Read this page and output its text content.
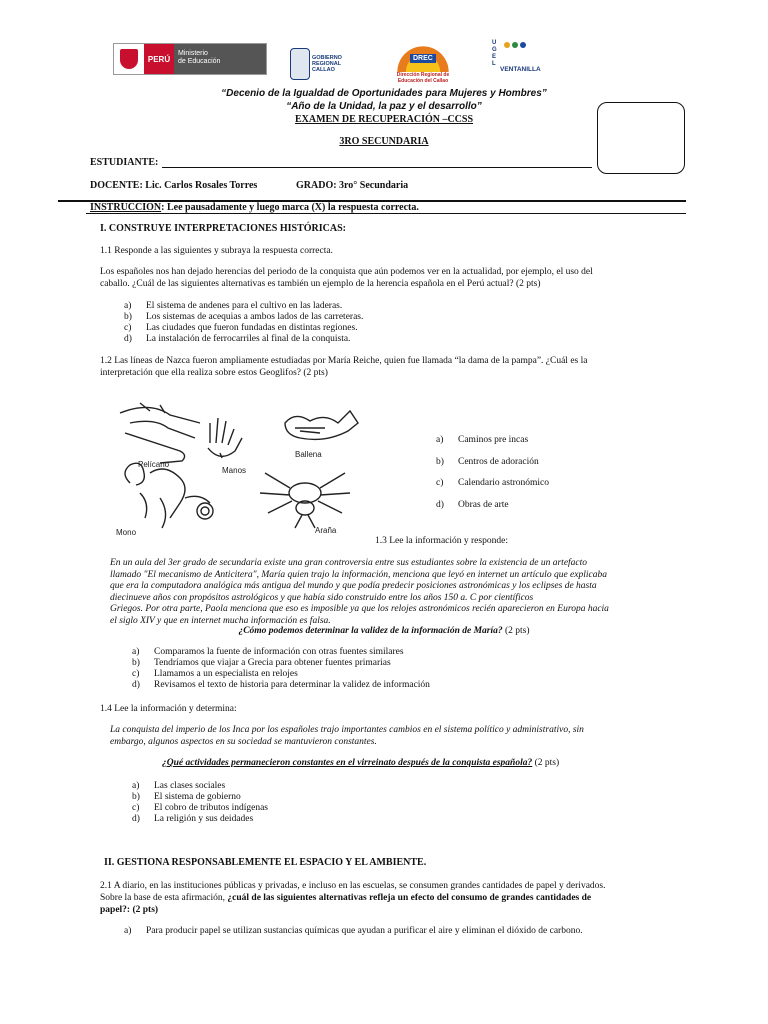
PERÚ
Ministerio
de Educación	GOBIERNO
REGIONAL
CALLAO
DREC
Dirección Regional de
Educación del Callao
UGEL
VENTANILLA
“Decenio de la Igualdad de Oportunidades para Mujeres y Hombres”
“Año de la Unidad, la paz y el desarrollo”
EXAMEN DE RECUPERACIÓN –CCSS
3RO SECUNDARIA
ESTUDIANTE:
DOCENTE: Lic. Carlos Rosales Torres	GRADO: 3ro° Secundaria
INSTRUCCION: Lee pausadamente y luego marca (X) la respuesta correcta.
I. CONSTRUYE INTERPRETACIONES HISTÓRICAS:
1.1 Responde a las siguientes y subraya la respuesta correcta.

Los españoles nos han dejado herencias del periodo de la conquista que aún podemos ver en la actualidad, por ejemplo, el uso del

caballo. ¿Cuál de las siguientes alternativas es también un ejemplo de la herencia española en el Perú actual? (2 pts)

a) El sistema de andenes para el cultivo en las laderas.
b) Los sistemas de acequias a ambos lados de las carreteras.
c) Las ciudades que fueron fundadas en distintas regiones.
d) La instalación de ferrocarriles al final de la conquista.

1.2 Las líneas de Nazca fueron ampliamente estudiadas por María Reiche, quien fue llamada “la dama de la pampa”. ¿Cuál es la

interpretación que ella realiza sobre estos Geoglifos? (2 pts)

Pelícano
Manos
Ballena
Mono	Araña
a) Caminos pre incas
b) Centros de adoración
c) Calendario astronómico
d) Obras de arte
1.3 Lee la información y responde:
En un aula del 3er grado de secundaria existe una gran controversia entre sus estudiantes sobre la existencia de un artefacto
llamado "El mecanismo de Anticitera", María quien trajo la información, menciona que leyó en internet un artículo que explicaba
que era la computadora analógica más antigua del mundo y que podía predecir posiciones astronómicas y los eclipses de hasta
diecinueve años con propósitos astrológicos y que había sido construido entre los años 150 a. C por científicos
Griegos. Por otra parte, Paola menciona que eso es imposible ya que los relojes astronómicos recién aparecieron en Europa hacia
el siglo XIV y que en internet mucha información es falsa.
¿Cómo podemos determinar la validez de la información de María? (2 pts)
a) Comparamos la fuente de información con otras fuentes similares
b) Tendríamos que viajar a Grecia para obtener fuentes primarias
c) Llamamos a un especialista en relojes
d) Revisamos el texto de historia para determinar la validez de información
1.4 Lee la información y determina:
La conquista del imperio de los Inca por los españoles trajo importantes cambios en el sistema político y administrativo, sin
embargo, algunos aspectos en su sociedad se mantuvieron constantes.
¿Qué actividades permanecieron constantes en el virreinato después de la conquista española? (2 pts)
a) Las clases sociales
b) El sistema de gobierno
c) El cobro de tributos indígenas
d) La religión y sus deidades
II. GESTIONA RESPONSABLEMENTE EL ESPACIO Y EL AMBIENTE.

2.1 A diario, en las instituciones públicas y privadas, e incluso en las escuelas, se consumen grandes cantidades de papel y derivados.

Sobre la base de esta afirmación, ¿cuál de las siguientes alternativas refleja un efecto del consumo de grandes cantidades de

papel?: (2 pts)

a) Para producir papel se utilizan sustancias químicas que ayudan a purificar el aire y eliminan el dióxido de carbono.
